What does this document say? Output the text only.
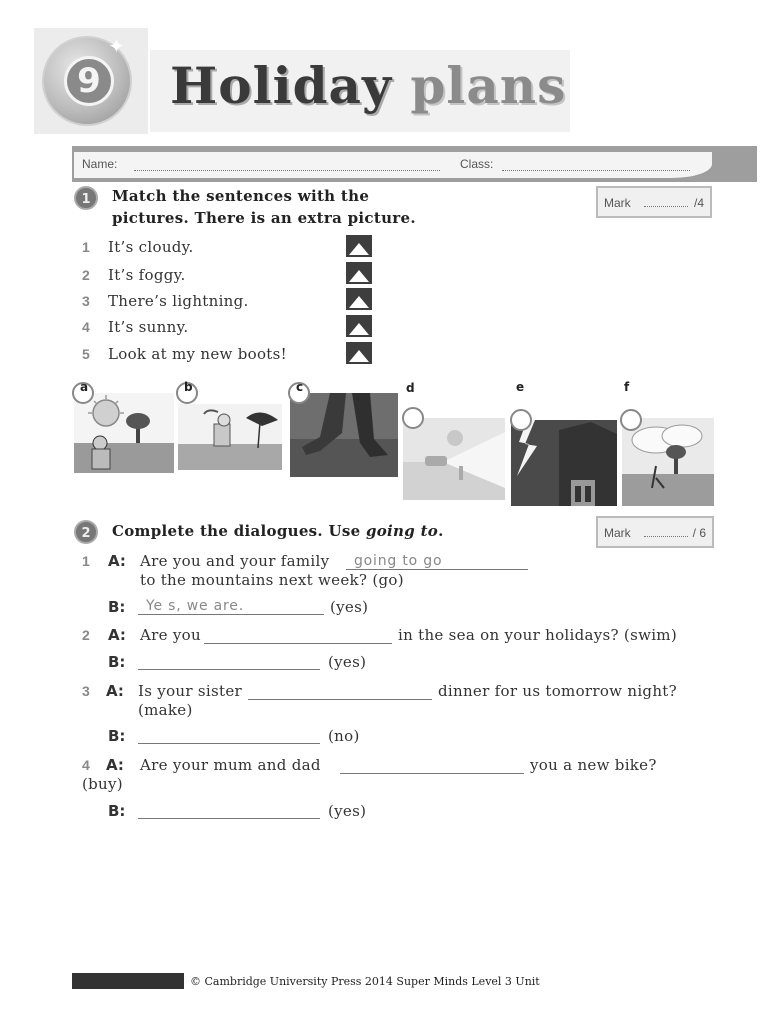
9
✦
Holiday plans
Name:	Class:
1	Match the sentences with the
pictures. There is an extra picture.
Mark	/4
1 It’s cloudy.
2 It’s foggy.
3 There’s lightning.
4 It’s sunny.
5 Look at my new boots!
a	b	c	d	e	f
2	Complete the dialogues. Use going to.	Mark	/ 6
1 A: Are you and your family going to go
to the mountains next week? (go)
B: Ye s, we are.	(yes)
2 A: Are you	in the sea on your holidays? (swim)
B:	(yes)
3 A: Is your sister	dinner for us tomorrow night?
(make)
B:	(no)
4 A: Are your mum and dad	you a new bike?
(buy)
B:	(yes)
© Cambridge University Press 2014 Super Minds Level 3 Unit
